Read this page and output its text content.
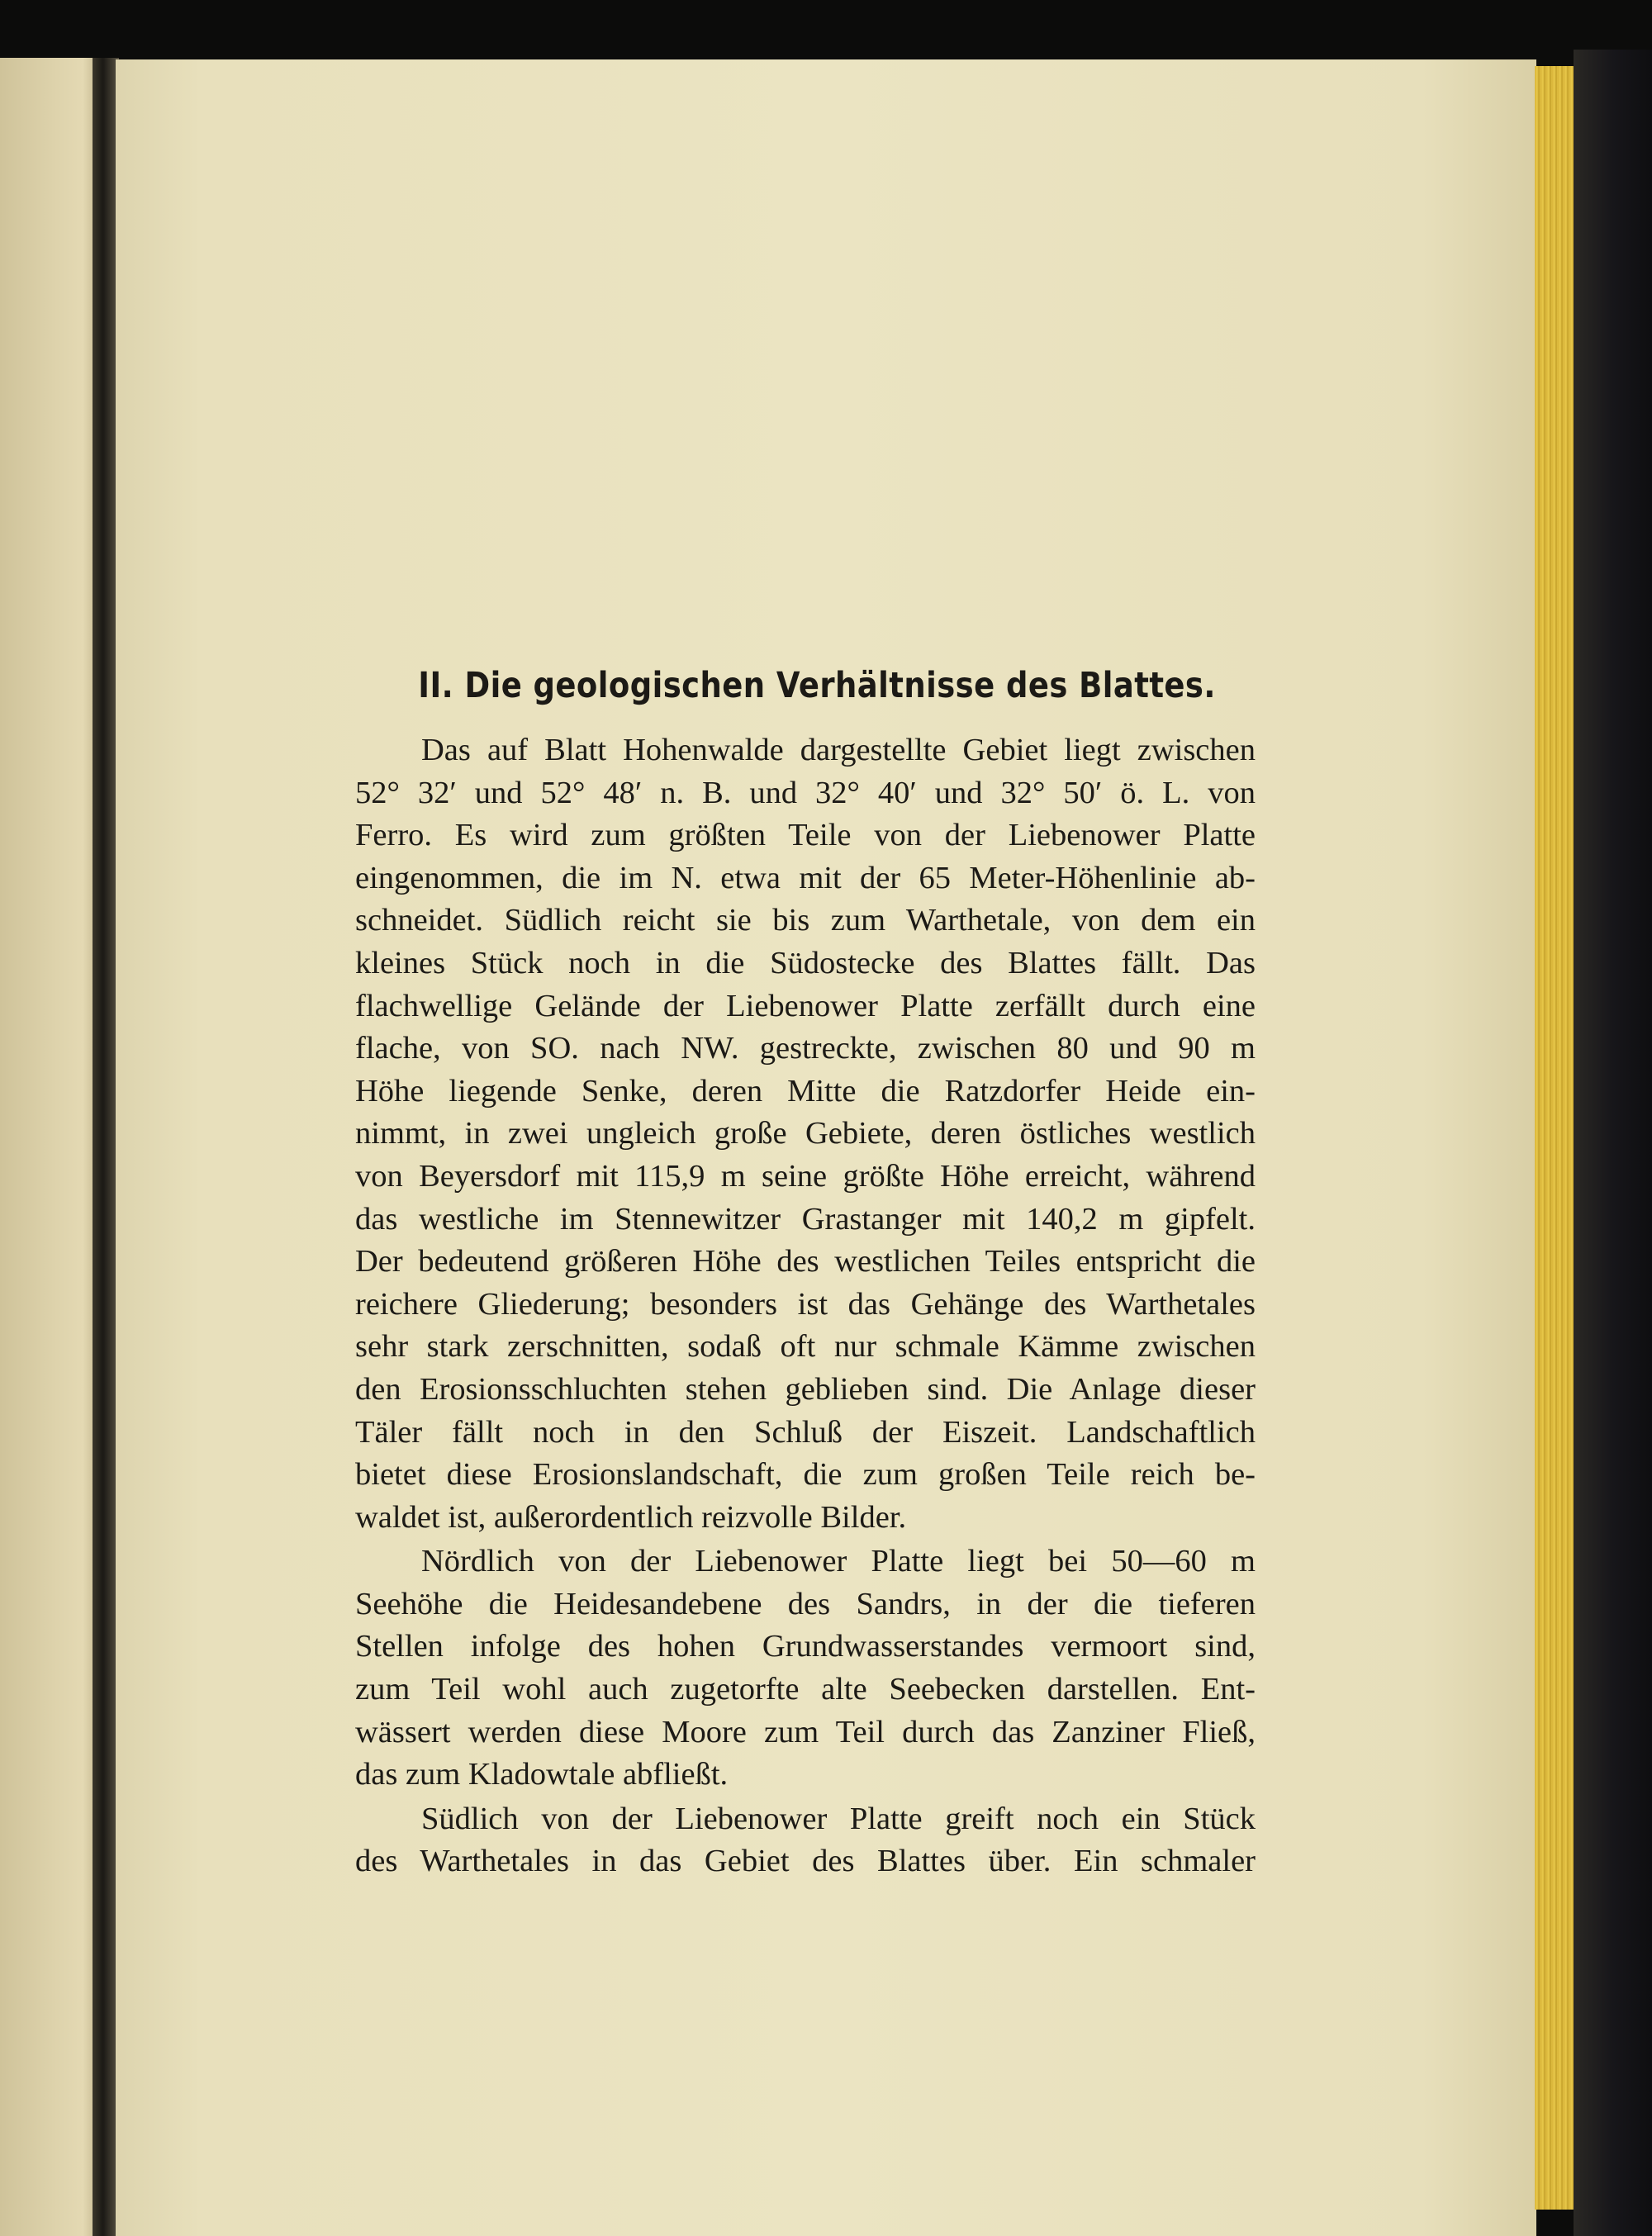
II. Die geologischen Verhältnisse des Blattes.
Das auf Blatt Hohenwalde dargestellte Gebiet liegt zwischen
52° 32′ und 52° 48′ n. B. und 32° 40′ und 32° 50′ ö. L. von
Ferro. Es wird zum größten Teile von der Liebenower Platte
eingenommen, die im N. etwa mit der 65 Meter-Höhenlinie ab-
schneidet. Südlich reicht sie bis zum Warthetale, von dem ein
kleines Stück noch in die Südostecke des Blattes fällt. Das
flachwellige Gelände der Liebenower Platte zerfällt durch eine
flache, von SO. nach NW. gestreckte, zwischen 80 und 90 m
Höhe liegende Senke, deren Mitte die Ratzdorfer Heide ein-
nimmt, in zwei ungleich große Gebiete, deren östliches westlich
von Beyersdorf mit 115,9 m seine größte Höhe erreicht, während
das westliche im Stennewitzer Grastanger mit 140,2 m gipfelt.
Der bedeutend größeren Höhe des westlichen Teiles entspricht die
reichere Gliederung; besonders ist das Gehänge des Warthetales
sehr stark zerschnitten, sodaß oft nur schmale Kämme zwischen
den Erosionsschluchten stehen geblieben sind. Die Anlage dieser
Täler fällt noch in den Schluß der Eiszeit. Landschaftlich
bietet diese Erosionslandschaft, die zum großen Teile reich be-
waldet ist, außerordentlich reizvolle Bilder.
Nördlich von der Liebenower Platte liegt bei 50—60 m
Seehöhe die Heidesandebene des Sandrs, in der die tieferen
Stellen infolge des hohen Grundwasserstandes vermoort sind,
zum Teil wohl auch zugetorfte alte Seebecken darstellen. Ent-
wässert werden diese Moore zum Teil durch das Zanziner Fließ,
das zum Kladowtale abfließt.
Südlich von der Liebenower Platte greift noch ein Stück
des Warthetales in das Gebiet des Blattes über. Ein schmaler
